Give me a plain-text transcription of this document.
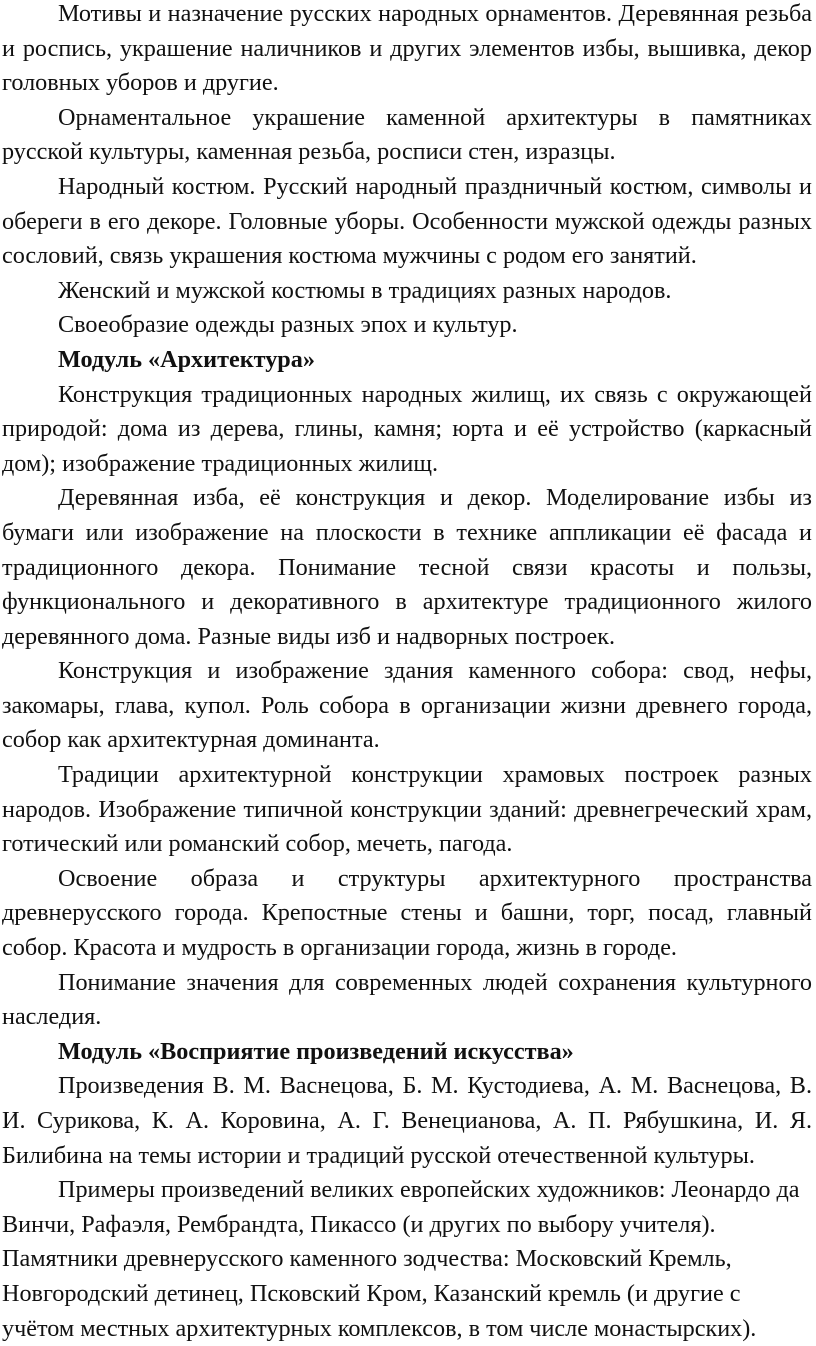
Мотивы и назначение русских народных орнаментов. Деревянная резьба и роспись, украшение наличников и других элементов избы, вышивка, декор головных уборов и другие.

Орнаментальное украшение каменной архитектуры в памятниках русской культуры, каменная резьба, росписи стен, изразцы.

Народный костюм. Русский народный праздничный костюм, символы и обереги в его декоре. Головные уборы. Особенности мужской одежды разных сословий, связь украшения костюма мужчины с родом его занятий.

Женский и мужской костюмы в традициях разных народов.

Своеобразие одежды разных эпох и культур.

Модуль «Архитектура»

Конструкция традиционных народных жилищ, их связь с окружающей природой: дома из дерева, глины, камня; юрта и её устройство (каркасный дом); изображение традиционных жилищ.

Деревянная изба, её конструкция и декор. Моделирование избы из бумаги или изображение на плоскости в технике аппликации её фасада и традиционного декора. Понимание тесной связи красоты и пользы, функционального и декоративного в архитектуре традиционного жилого деревянного дома. Разные виды изб и надворных построек.

Конструкция и изображение здания каменного собора: свод, нефы, закомары, глава, купол. Роль собора в организации жизни древнего города, собор как архитектурная доминанта.

Традиции архитектурной конструкции храмовых построек разных народов. Изображение типичной конструкции зданий: древнегреческий храм, готический или романский собор, мечеть, пагода.

Освоение образа и структуры архитектурного пространства древнерусского города. Крепостные стены и башни, торг, посад, главный собор. Красота и мудрость в организации города, жизнь в городе.

Понимание значения для современных людей сохранения культурного наследия.

Модуль «Восприятие произведений искусства»

Произведения В. М. Васнецова, Б. М. Кустодиева, А. М. Васнецова, В. И. Сурикова, К. А. Коровина, А. Г. Венецианова, А. П. Рябушкина, И. Я. Билибина на темы истории и традиций русской отечественной культуры.

Примеры произведений великих европейских художников: Леонардо да Винчи, Рафаэля, Рембрандта, Пикассо (и других по выбору учителя).

Памятники древнерусского каменного зодчества: Московский Кремль,

Новгородский детинец, Псковский Кром, Казанский кремль (и другие с

учётом местных архитектурных комплексов, в том числе монастырских).
